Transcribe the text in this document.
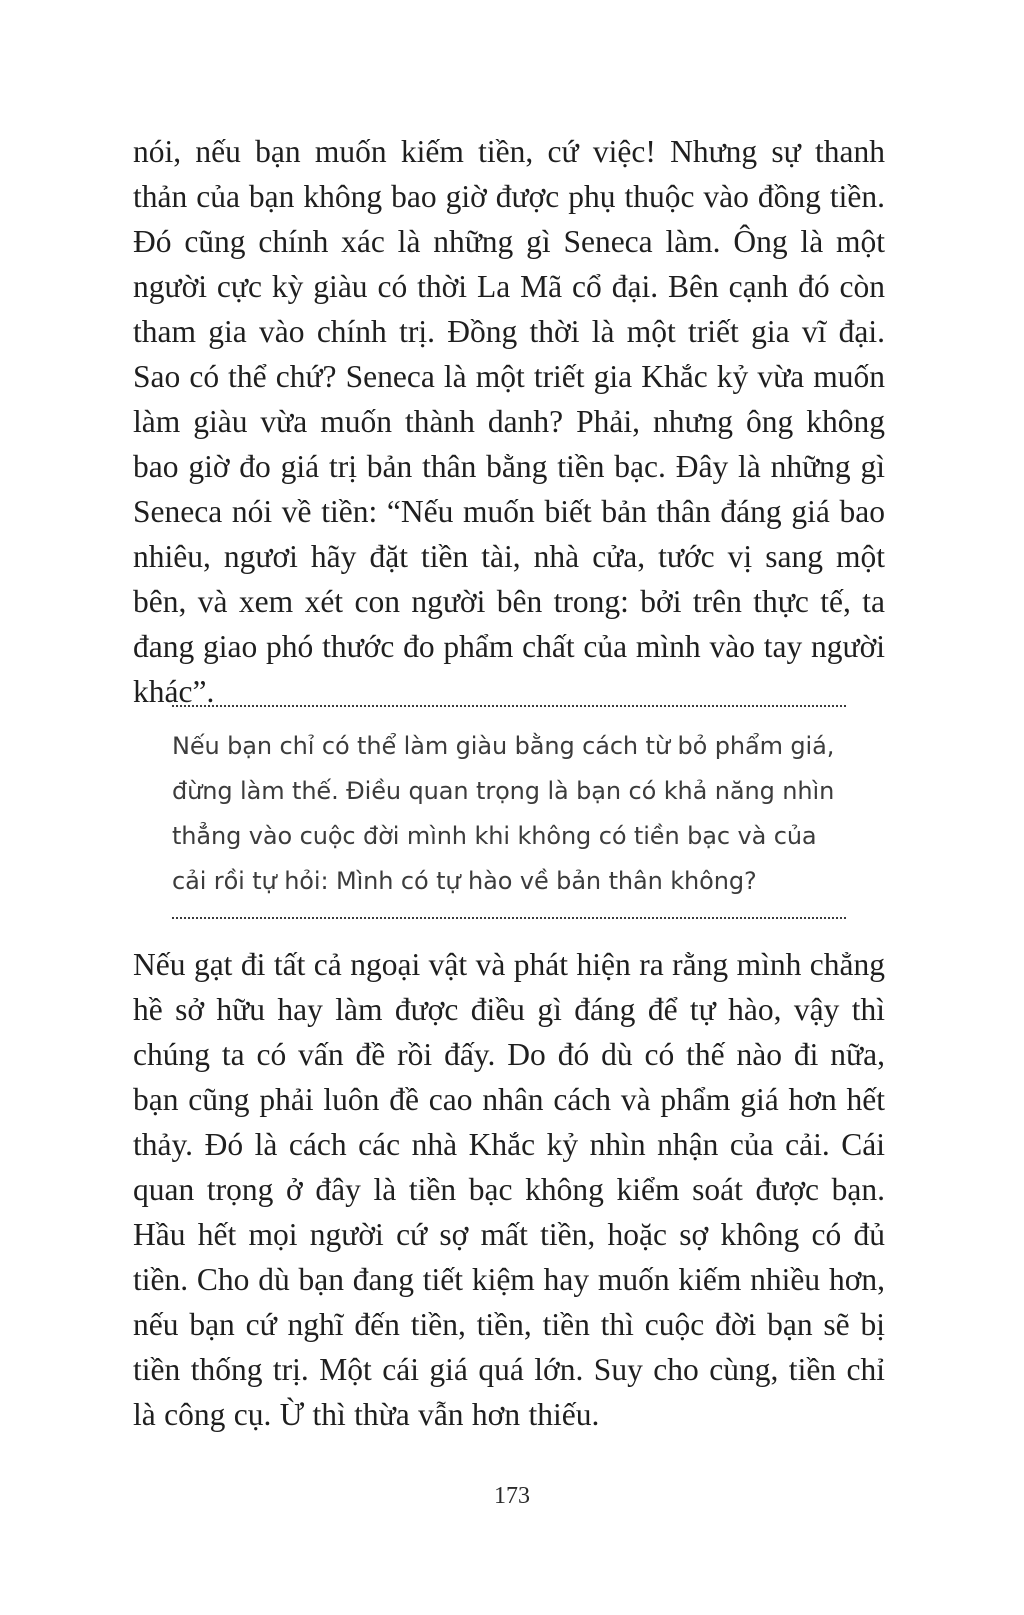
nói, nếu bạn muốn kiếm tiền, cứ việc! Nhưng sự thanh thản của bạn không bao giờ được phụ thuộc vào đồng tiền. Đó cũng chính xác là những gì Seneca làm. Ông là một người cực kỳ giàu có thời La Mã cổ đại. Bên cạnh đó còn tham gia vào chính trị. Đồng thời là một triết gia vĩ đại. Sao có thể chứ? Seneca là một triết gia Khắc kỷ vừa muốn làm giàu vừa muốn thành danh? Phải, nhưng ông không bao giờ đo giá trị bản thân bằng tiền bạc. Đây là những gì Seneca nói về tiền: “Nếu muốn biết bản thân đáng giá bao nhiêu, ngươi hãy đặt tiền tài, nhà cửa, tước vị sang một bên, và xem xét con người bên trong: bởi trên thực tế, ta đang giao phó thước đo phẩm chất của mình vào tay người khác”.

Nếu bạn chỉ có thể làm giàu bằng cách từ bỏ phẩm giá, đừng làm thế. Điều quan trọng là bạn có khả năng nhìn thẳng vào cuộc đời mình khi không có tiền bạc và của cải rồi tự hỏi: Mình có tự hào về bản thân không?

Nếu gạt đi tất cả ngoại vật và phát hiện ra rằng mình chẳng hề sở hữu hay làm được điều gì đáng để tự hào, vậy thì chúng ta có vấn đề rồi đấy. Do đó dù có thế nào đi nữa, bạn cũng phải luôn đề cao nhân cách và phẩm giá hơn hết thảy. Đó là cách các nhà Khắc kỷ nhìn nhận của cải. Cái quan trọng ở đây là tiền bạc không kiểm soát được bạn. Hầu hết mọi người cứ sợ mất tiền, hoặc sợ không có đủ tiền. Cho dù bạn đang tiết kiệm hay muốn kiếm nhiều hơn, nếu bạn cứ nghĩ đến tiền, tiền, tiền thì cuộc đời bạn sẽ bị tiền thống trị. Một cái giá quá lớn. Suy cho cùng, tiền chỉ là công cụ. Ừ thì thừa vẫn hơn thiếu.

173
